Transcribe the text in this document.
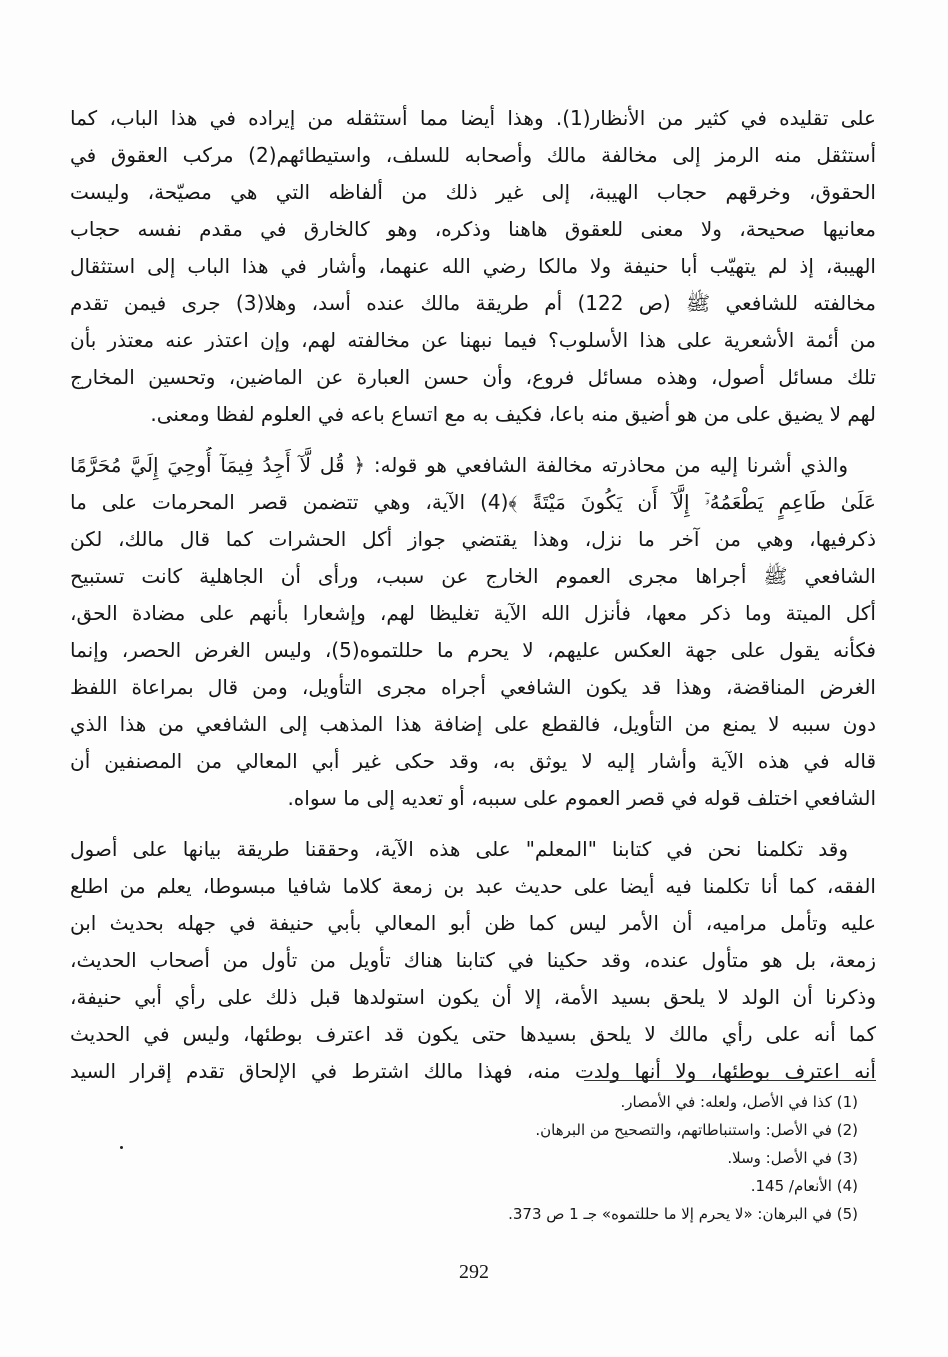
على تقليده في كثير من الأنظار(1). وهذا أيضا مما أستثقله من إيراده في هذا الباب، كما
أستثقل منه الرمز إلى مخالفة مالك وأصحابه للسلف، واستيطائهم(2) مركب العقوق في
الحقوق، وخرقهم حجاب الهيبة، إلى غير ذلك من ألفاظه التي هي مصيّحة، وليست
معانيها صحيحة، ولا معنى للعقوق هاهنا وذكره، وهو كالخارق في مقدم نفسه حجاب
الهيبة، إذ لم يتهيّب أبا حنيفة ولا مالكا رضي الله عنهما، وأشار في هذا الباب إلى استثقال
مخالفته للشافعي ﷺ (ص 122) أم طريقة مالك عنده أسد، وهلا(3) جرى فيمن تقدم
من أئمة الأشعرية على هذا الأسلوب؟ فيما نبهنا عن مخالفته لهم، وإن اعتذر عنه معتذر بأن
تلك مسائل أصول، وهذه مسائل فروع، وأن حسن العبارة عن الماضين، وتحسين المخارج
لهم لا يضيق على من هو أضيق منه باعا، فكيف به مع اتساع باعه في العلوم لفظا ومعنى.
والذي أشرنا إليه من محاذرته مخالفة الشافعي هو قوله: ﴿ قُل لَّآ أَجِدُ فِيمَآ أُوحِيَ إِلَيَّ مُحَرَّمًا
عَلَىٰ طَاعِمٍ يَطْعَمُهُۥٓ إِلَّآ أَن يَكُونَ مَيْتَةً ﴾(4) الآية، وهي تتضمن قصر المحرمات على ما
ذكرفيها، وهي من آخر ما نزل، وهذا يقتضي جواز أكل الحشرات كما قال مالك، لكن
الشافعي ﷺ أجراها مجرى العموم الخارج عن سبب، ورأى أن الجاهلية كانت تستبيح
أكل الميتة وما ذكر معها، فأنزل الله الآية تغليظا لهم، وإشعارا بأنهم على مضادة الحق،
فكأنه يقول على جهة العكس عليهم، لا يحرم ما حللتموه(5)، وليس الغرض الحصر، وإنما
الغرض المناقضة، وهذا قد يكون الشافعي أجراه مجرى التأويل، ومن قال بمراعاة اللفظ
دون سببه لا يمنع من التأويل، فالقطع على إضافة هذا المذهب إلى الشافعي من هذا الذي
قاله في هذه الآية وأشار إليه لا يوثق به، وقد حكى غير أبي المعالي من المصنفين أن
الشافعي اختلف قوله في قصر العموم على سببه، أو تعديه إلى ما سواه.
وقد تكلمنا نحن في كتابنا "المعلم" على هذه الآية، وحققنا طريقة بيانها على أصول
الفقه، كما أنا تكلمنا فيه أيضا على حديث عبد بن زمعة كلاما شافيا مبسوطا، يعلم من اطلع
عليه وتأمل مراميه، أن الأمر ليس كما ظن أبو المعالي بأبي حنيفة في جهله بحديث ابن
زمعة، بل هو متأول عنده، وقد حكينا في كتابنا هناك تأويل من تأول من أصحاب الحديث،
وذكرنا أن الولد لا يلحق بسيد الأمة، إلا أن يكون استولدها قبل ذلك على رأي أبي حنيفة،
كما أنه على رأي مالك لا يلحق بسيدها حتى يكون قد اعترف بوطئها، وليس في الحديث
أنه اعترف بوطئها، ولا أنها ولدت منه، فهذا مالك اشترط في الإلحاق تقدم إقرار السيد
(1) كذا في الأصل، ولعله: في الأمصار.
(2) في الأصل: واستنباطاتهم، والتصحيح من البرهان.
(3) في الأصل: وسلا.
(4) الأنعام/ 145.
(5) في البرهان: «لا يحرم إلا ما حللتموه» جـ 1 ص 373.
292
